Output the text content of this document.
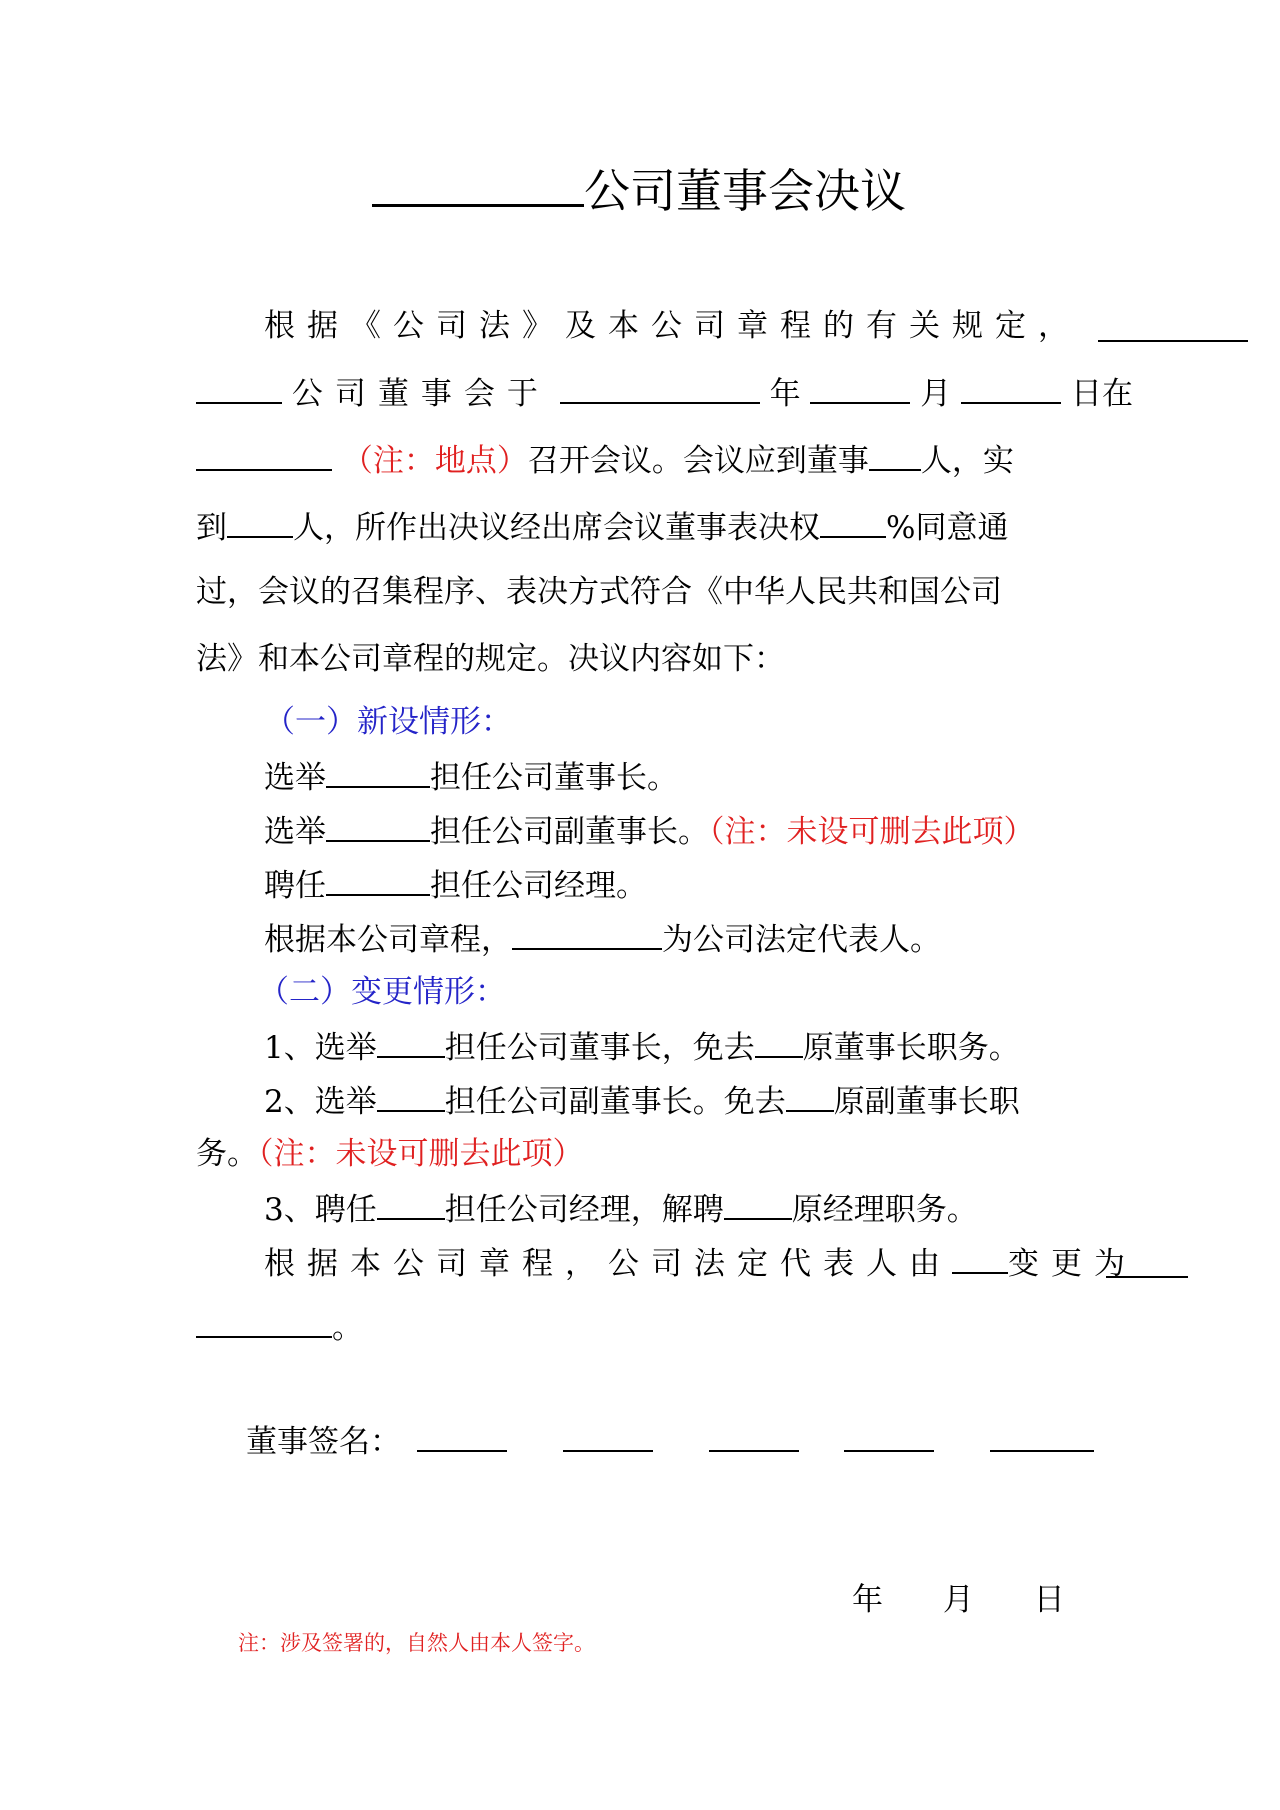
公司董事会决议
根据《公司法》及本公司章程的有关规定，
公司董事会于	年	月	日在
（注：地点）召开会议。会议应到董事 人，实
到 人，所作出决议经出席会议董事表决权 %同意通
过，会议的召集程序、表决方式符合《中华人民共和国公司
法》和本公司章程的规定。决议内容如下：
（一）新设情形：
选举	担任公司董事长。
选举	担任公司副董事长。（注：未设可删去此项）
聘任	担任公司经理。
根据本公司章程，	为公司法定代表人。
（二）变更情形：
1、选举 担任公司董事长，免去 原董事长职务。
2、选举 担任公司副董事长。免去 原副董事长职
务。（注：未设可删去此项）
3、聘任 担任公司经理，解聘 原经理职务。
根据本公司章程，公司法定代表人由 变更为
。
董事签名：
年 月 日
注：涉及签署的，自然人由本人签字。
